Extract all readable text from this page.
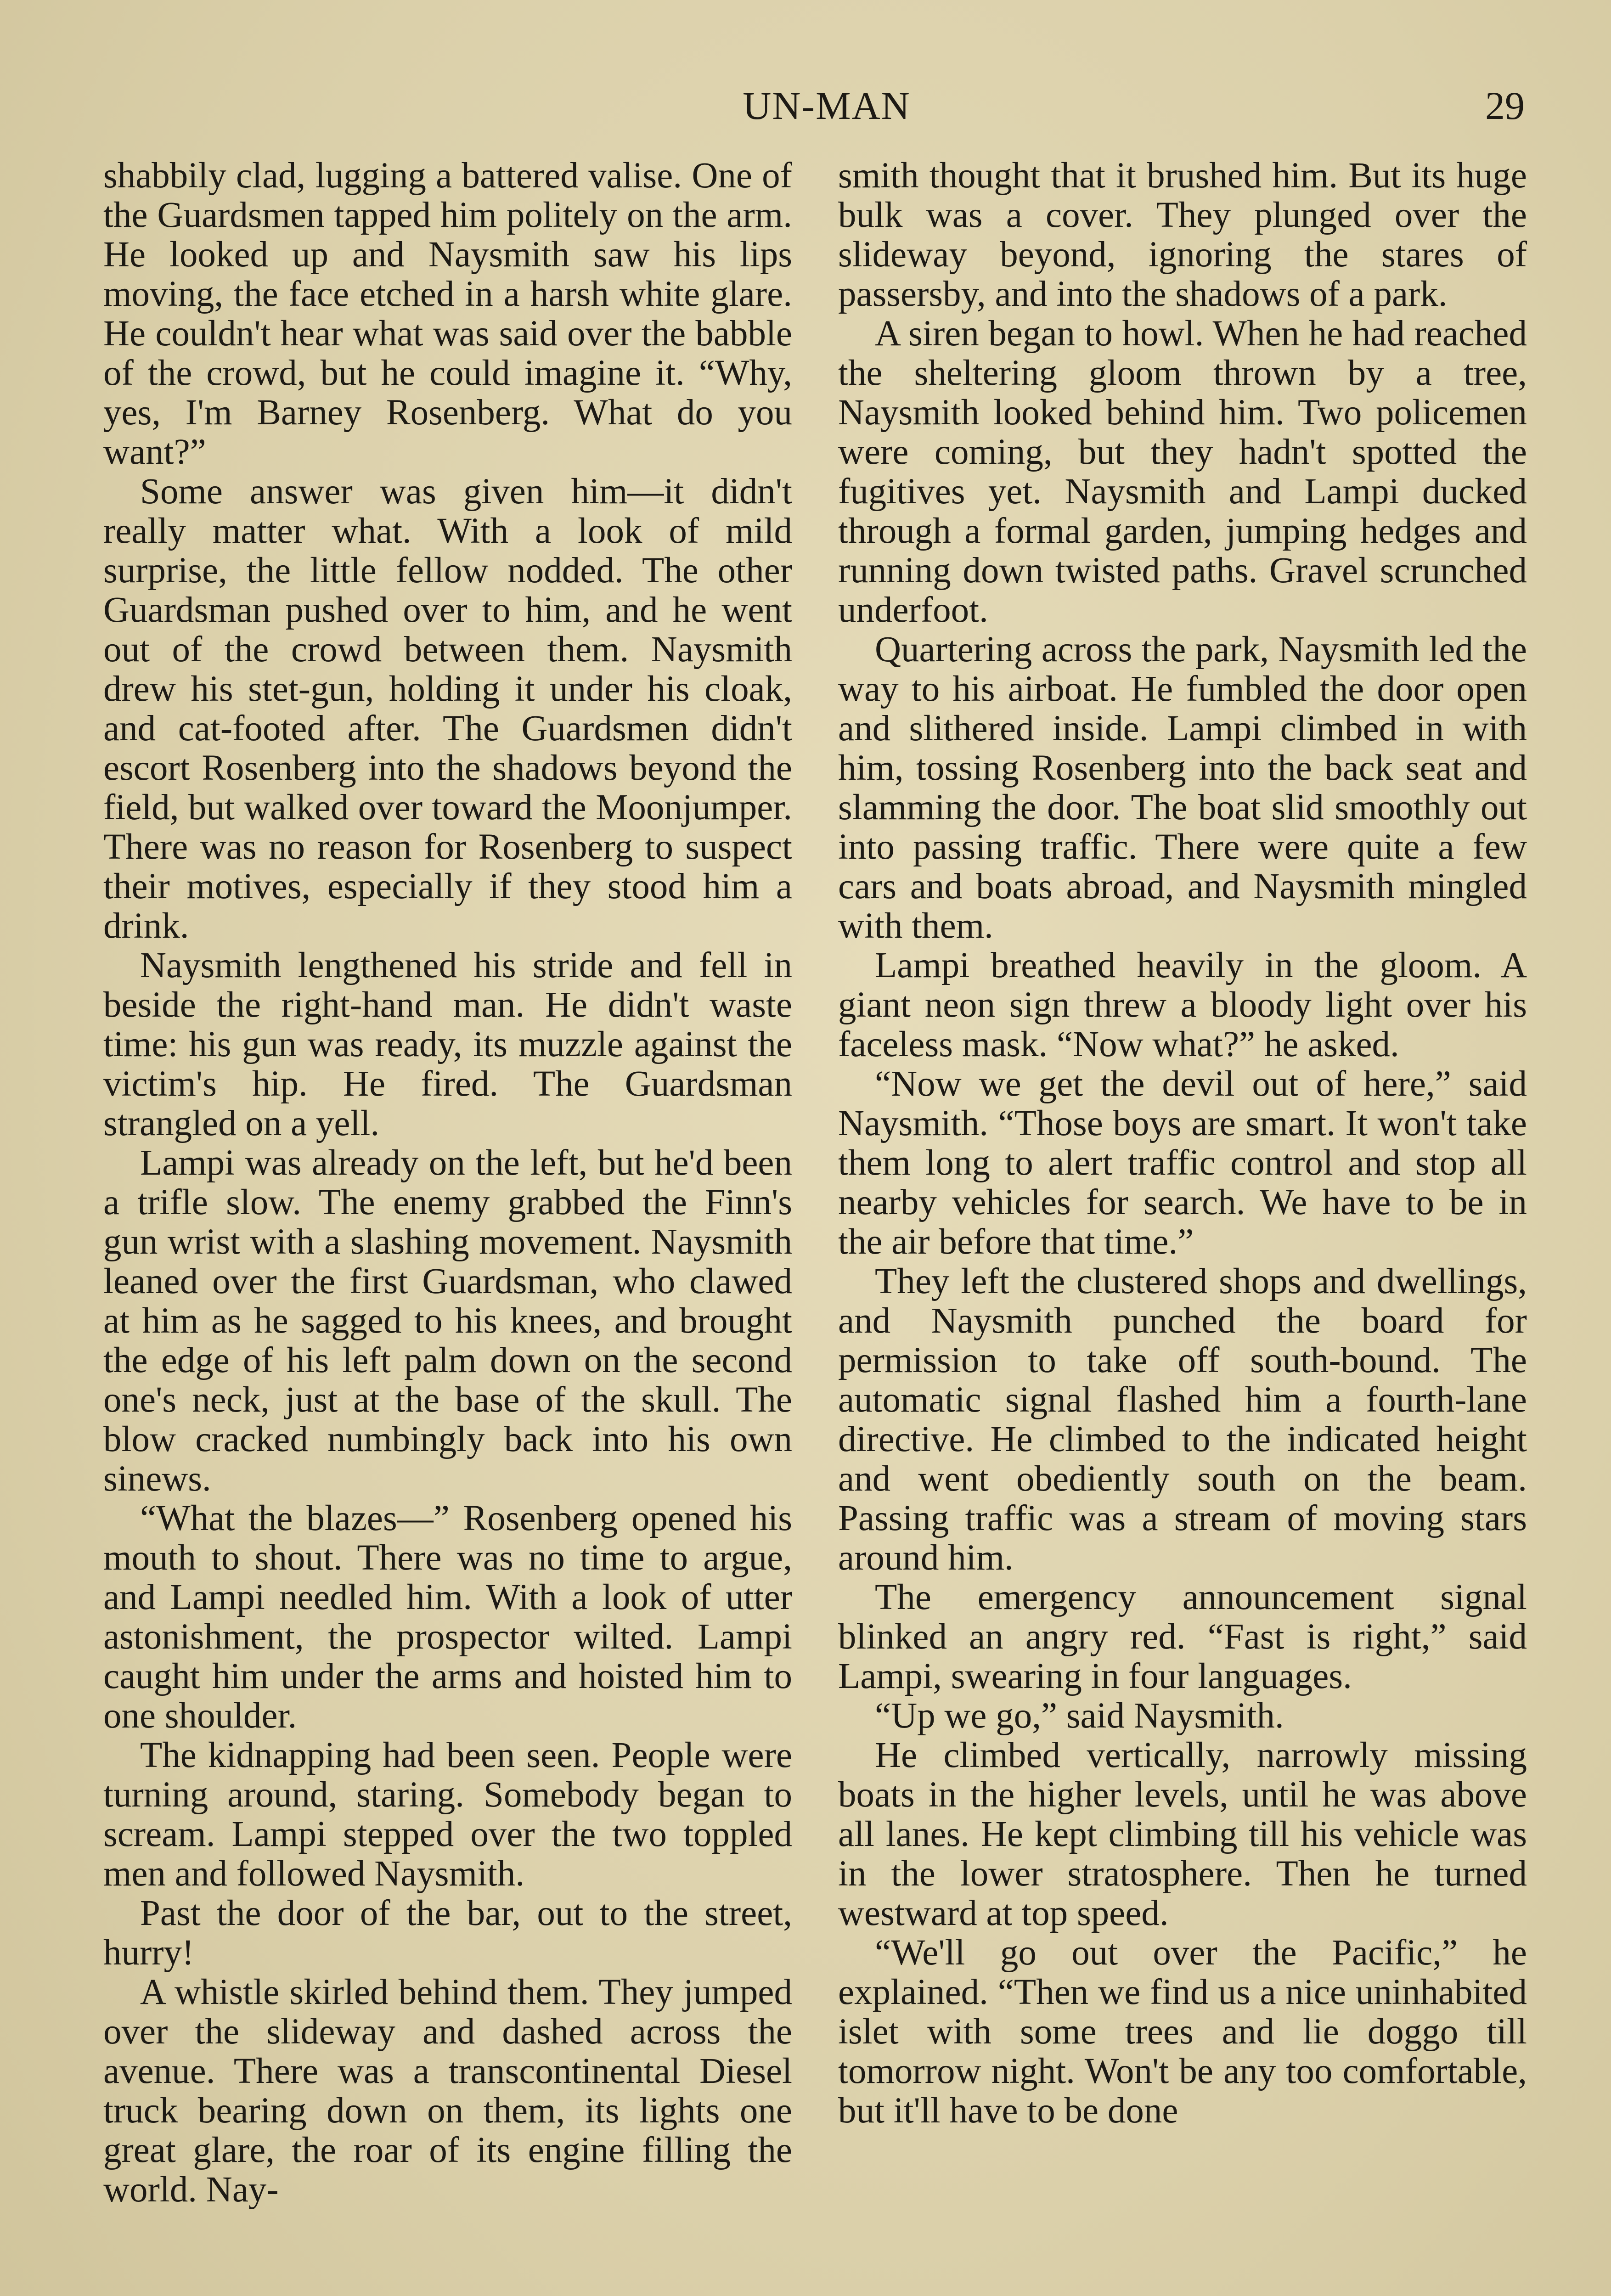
UN-MAN	29

shabbily clad, lugging a battered valise. One of the Guardsmen tapped him politely on the arm. He looked up and Naysmith saw his lips moving, the face etched in a harsh white glare. He couldn't hear what was said over the babble of the crowd, but he could imagine it. “Why, yes, I'm Barney Rosenberg. What do you want?”

Some answer was given him—it didn't really matter what. With a look of mild surprise, the little fellow nodded. The other Guardsman pushed over to him, and he went out of the crowd between them. Naysmith drew his stet-gun, holding it under his cloak, and cat-footed after. The Guardsmen didn't escort Rosenberg into the shadows beyond the field, but walked over toward the Moonjumper. There was no reason for Rosenberg to suspect their motives, especially if they stood him a drink.

Naysmith lengthened his stride and fell in beside the right-hand man. He didn't waste time: his gun was ready, its muzzle against the victim's hip. He fired. The Guardsman strangled on a yell.

Lampi was already on the left, but he'd been a trifle slow. The enemy grabbed the Finn's gun wrist with a slashing movement. Naysmith leaned over the first Guardsman, who clawed at him as he sagged to his knees, and brought the edge of his left palm down on the second one's neck, just at the base of the skull. The blow cracked numbingly back into his own sinews.

“What the blazes—” Rosenberg opened his mouth to shout. There was no time to argue, and Lampi needled him. With a look of utter astonishment, the prospector wilted. Lampi caught him under the arms and hoisted him to one shoulder.

The kidnapping had been seen. People were turning around, staring. Somebody began to scream. Lampi stepped over the two toppled men and followed Naysmith.

Past the door of the bar, out to the street, hurry!

A whistle skirled behind them. They jumped over the slideway and dashed across the avenue. There was a transcontinental Diesel truck bearing down on them, its lights one great glare, the roar of its engine filling the world. Nay-

smith thought that it brushed him. But its huge bulk was a cover. They plunged over the slideway beyond, ignoring the stares of passersby, and into the shadows of a park.

A siren began to howl. When he had reached the sheltering gloom thrown by a tree, Naysmith looked behind him. Two policemen were coming, but they hadn't spotted the fugitives yet. Naysmith and Lampi ducked through a formal garden, jumping hedges and running down twisted paths. Gravel scrunched underfoot.

Quartering across the park, Naysmith led the way to his airboat. He fumbled the door open and slithered inside. Lampi climbed in with him, tossing Rosenberg into the back seat and slamming the door. The boat slid smoothly out into passing traffic. There were quite a few cars and boats abroad, and Naysmith mingled with them.

Lampi breathed heavily in the gloom. A giant neon sign threw a bloody light over his faceless mask. “Now what?” he asked.

“Now we get the devil out of here,” said Naysmith. “Those boys are smart. It won't take them long to alert traffic control and stop all nearby vehicles for search. We have to be in the air before that time.”

They left the clustered shops and dwellings, and Naysmith punched the board for permission to take off south-bound. The automatic signal flashed him a fourth-lane directive. He climbed to the indicated height and went obediently south on the beam. Passing traffic was a stream of moving stars around him.

The emergency announcement signal blinked an angry red. “Fast is right,” said Lampi, swearing in four languages.

“Up we go,” said Naysmith.

He climbed vertically, narrowly missing boats in the higher levels, until he was above all lanes. He kept climbing till his vehicle was in the lower stratosphere. Then he turned westward at top speed.

“We'll go out over the Pacific,” he explained. “Then we find us a nice uninhabited islet with some trees and lie doggo till tomorrow night. Won't be any too comfortable, but it'll have to be done
